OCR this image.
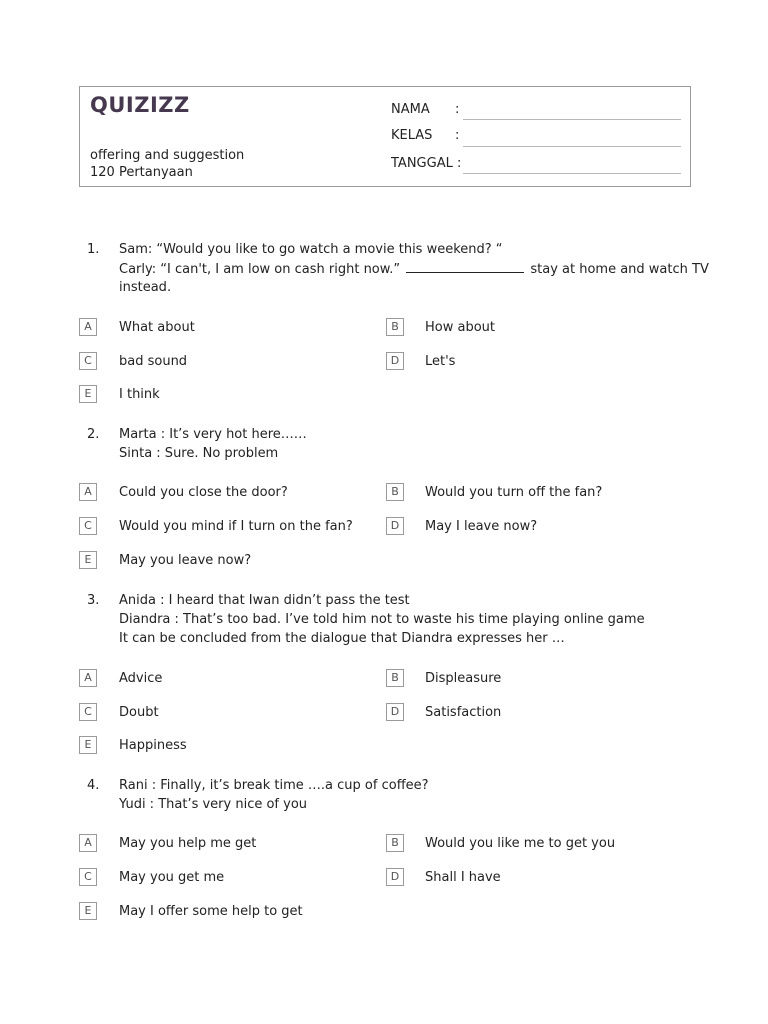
QUIZIZZ
offering and suggestion
120 Pertanyaan
NAMA :
KELAS :
TANGGAL :
1. Sam: “Would you like to go watch a movie this weekend? “
Carly: “I can't, I am low on cash right now.”	stay at home and watch TV
instead.
A	What about	B	How about
C	bad sound	D	Let's
E	I think
2. Marta : It’s very hot here……
Sinta : Sure. No problem
A	Could you close the door?	B	Would you turn off the fan?
C	Would you mind if I turn on the fan?	D	May I leave now?
E	May you leave now?
3. Anida : I heard that Iwan didn’t pass the test
Diandra : That’s too bad. I’ve told him not to waste his time playing online game
It can be concluded from the dialogue that Diandra expresses her …
A	Advice	B	Displeasure
C	Doubt	D	Satisfaction
E	Happiness
4. Rani : Finally, it’s break time ….a cup of coffee?
Yudi : That’s very nice of you
A	May you help me get	B	Would you like me to get you
C	May you get me	D	Shall I have
E	May I offer some help to get
